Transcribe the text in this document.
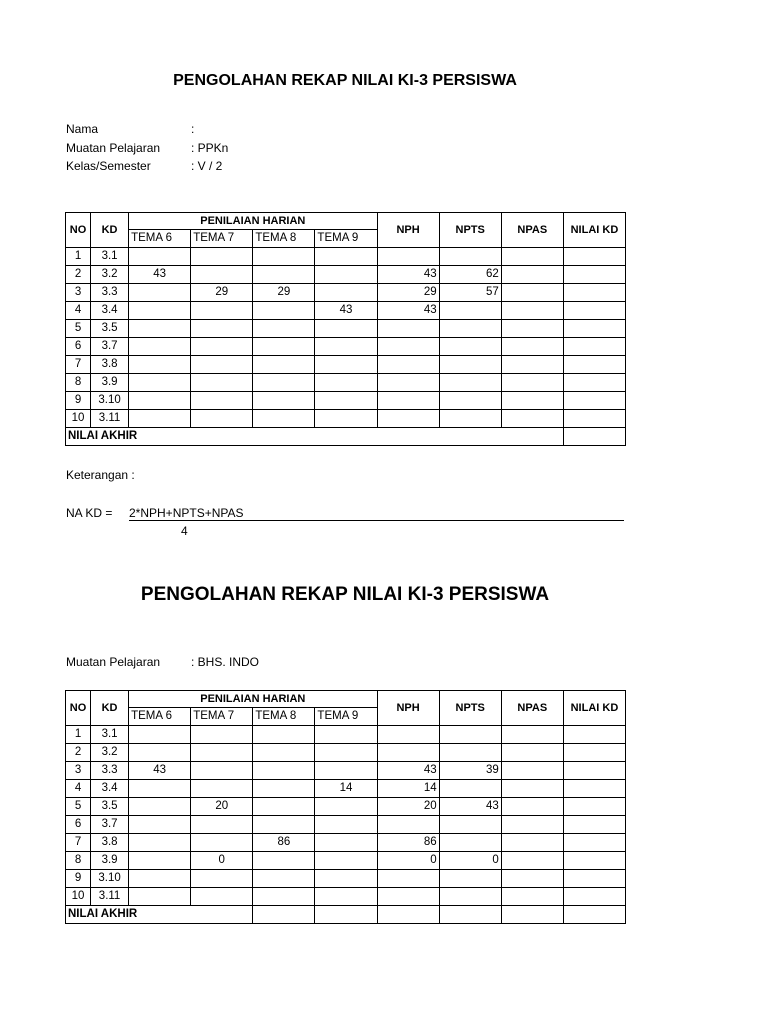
PENGOLAHAN REKAP NILAI KI-3 PERSISWA
Nama	:
Muatan Pelajaran	: PPKn
Kelas/Semester	: V / 2
NO	KD	PENILAIAN HARIAN				NPH	NPTS	NPAS	NILAI KD
		TEMA 6	TEMA 7	TEMA 8	TEMA 9				
1	3.1								
2	3.2	43				43	62		
3	3.3		29	29		29	57		
4	3.4				43	43			
5	3.5								
6	3.7								
7	3.8								
8	3.9								
9	3.10								
10	3.11								
NILAI AKHIR									
Keterangan :
NA KD = 2*NPH+NPTS+NPAS
4
PENGOLAHAN REKAP NILAI KI-3 PERSISWA
Muatan Pelajaran	: BHS. INDO
NO	KD	PENILAIAN HARIAN				NPH	NPTS	NPAS	NILAI KD
		TEMA 6	TEMA 7	TEMA 8	TEMA 9				
1	3.1								
2	3.2								
3	3.3	43				43	39		
4	3.4				14	14			
5	3.5		20			20	43		
6	3.7								
7	3.8			86		86			
8	3.9		0			0	0		
9	3.10								
10	3.11								
NILAI AKHIR									
